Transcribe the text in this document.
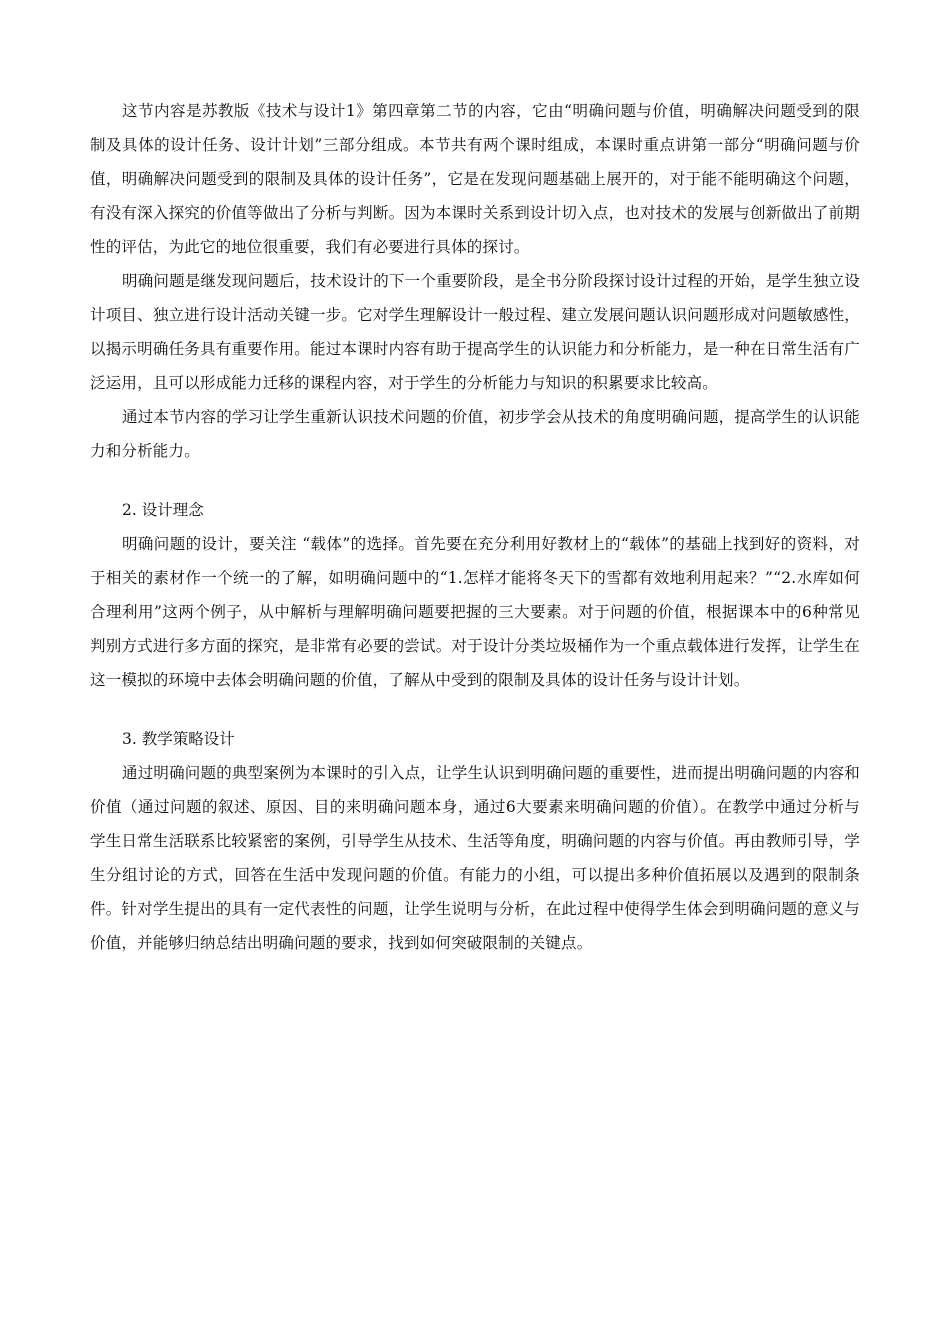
这节内容是苏教版《技术与设计1》第四章第二节的内容，它由“明确问题与价值，明确解决问题受到的限制及具体的设计任务、设计计划”三部分组成。本节共有两个课时组成，本课时重点讲第一部分“明确问题与价值，明确解决问题受到的限制及具体的设计任务”，它是在发现问题基础上展开的，对于能不能明确这个问题，有没有深入探究的价值等做出了分析与判断。因为本课时关系到设计切入点，也对技术的发展与创新做出了前期性的评估，为此它的地位很重要，我们有必要进行具体的探讨。

明确问题是继发现问题后，技术设计的下一个重要阶段，是全书分阶段探讨设计过程的开始，是学生独立设计项目、独立进行设计活动关键一步。它对学生理解设计一般过程、建立发展问题认识问题形成对问题敏感性，以揭示明确任务具有重要作用。能过本课时内容有助于提高学生的认识能力和分析能力，是一种在日常生活有广泛运用，且可以形成能力迁移的课程内容，对于学生的分析能力与知识的积累要求比较高。

通过本节内容的学习让学生重新认识技术问题的价值，初步学会从技术的角度明确问题，提高学生的认识能力和分析能力。

2. 设计理念

明确问题的设计，要关注 “载体”的选择。首先要在充分利用好教材上的“载体”的基础上找到好的资料，对于相关的素材作一个统一的了解，如明确问题中的“1.怎样才能将冬天下的雪都有效地利用起来？”“2.水库如何合理利用”这两个例子，从中解析与理解明确问题要把握的三大要素。对于问题的价值，根据课本中的6种常见判别方式进行多方面的探究，是非常有必要的尝试。对于设计分类垃圾桶作为一个重点载体进行发挥，让学生在这一模拟的环境中去体会明确问题的价值，了解从中受到的限制及具体的设计任务与设计计划。

3. 教学策略设计

通过明确问题的典型案例为本课时的引入点，让学生认识到明确问题的重要性，进而提出明确问题的内容和价值（通过问题的叙述、原因、目的来明确问题本身，通过6大要素来明确问题的价值）。在教学中通过分析与学生日常生活联系比较紧密的案例，引导学生从技术、生活等角度，明确问题的内容与价值。再由教师引导，学生分组讨论的方式，回答在生活中发现问题的价值。有能力的小组，可以提出多种价值拓展以及遇到的限制条件。针对学生提出的具有一定代表性的问题，让学生说明与分析，在此过程中使得学生体会到明确问题的意义与价值，并能够归纳总结出明确问题的要求，找到如何突破限制的关键点。
